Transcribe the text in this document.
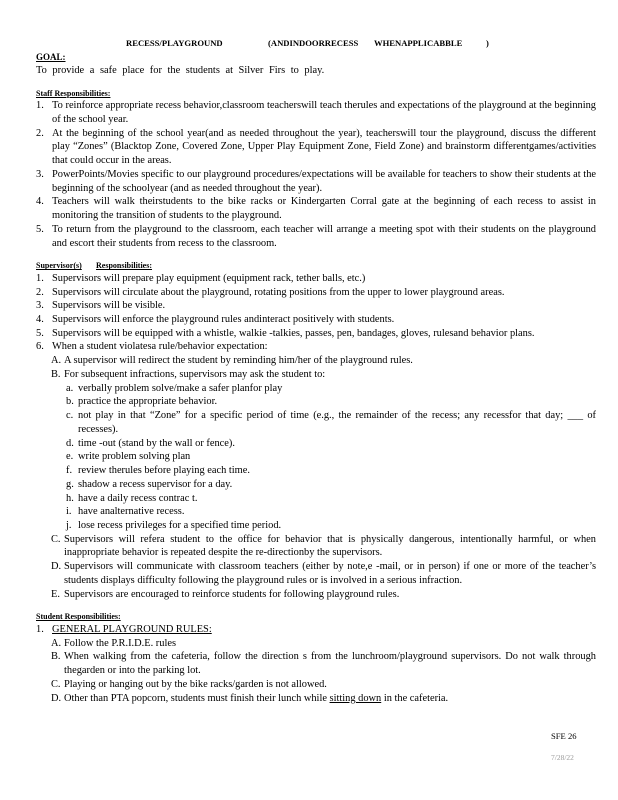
RECESS/PLAYGROUND	(ANDINDOORRECESS WHENAPPLICABBLE	)
GOAL:
To provide a safe place for the students at Silver Firs to play.
Staff Responsibilities:
1. To reinforce appropriate recess behavior,classroom teacherswill teach therules and expectations of the playground at the beginning of the school year.
2. At the beginning of the school year(and as needed throughout the year), teacherswill tour the playground, discuss the different play “Zones” (Blacktop Zone, Covered Zone, Upper Play Equipment Zone, Field Zone) and brainstorm differentgames/activities that could occur in the areas.
3. PowerPoints/Movies specific to our playground procedures/expectations will be available for teachers to show their students at the beginning of the schoolyear (and as needed throughout the year).
4. Teachers will walk theirstudents to the bike racks or Kindergarten Corral gate at the beginning of each recess to assist in monitoring the transition of students to the playground.
5. To return from the playground to the classroom, each teacher will arrange a meeting spot with their students on the playground and escort their students from recess to the classroom.
Supervisor(s) Responsibilities:
1. Supervisors will prepare play equipment (equipment rack, tether balls, etc.)
2. Supervisors will circulate about the playground, rotating positions from the upper to lower playground areas.
3. Supervisors will be visible.
4. Supervisors will enforce the playground rules andinteract positively with students.
5. Supervisors will be equipped with a whistle, walkie -talkies, passes, pen, bandages, gloves, rulesand behavior plans.
6. When a student violatesa rule/behavior expectation:
A. A supervisor will redirect the student by reminding him/her of the playground rules.
B. For subsequent infractions, supervisors may ask the student to:
a. verbally problem solve/make a safer planfor play
b. practice the appropriate behavior.
c. not play in that “Zone” for a specific period of time (e.g., the remainder of the recess; any recessfor that day; ___ of recesses).
d. time -out (stand by the wall or fence).
e. write problem solving plan
f. review therules before playing each time.
g. shadow a recess supervisor for a day.
h. have a daily recess contrac t.
i. have analternative recess.
j. lose recess privileges for a specified time period.
C. Supervisors will refera student to the office for behavior that is physically dangerous, intentionally harmful, or when inappropriate behavior is repeated despite the re-directionby the supervisors.
D. Supervisors will communicate with classroom teachers (either by note,e -mail, or in person) if one or more of the teacher’s students displays difficulty following the playground rules or is involved in a serious infraction.
E. Supervisors are encouraged to reinforce students for following playground rules.
Student Responsibilities:
1. GENERAL PLAYGROUND RULES:
A. Follow the P.R.I.D.E. rules
B. When walking from the cafeteria, follow the direction s from the lunchroom/playground supervisors. Do not walk through thegarden or into the parking lot.
C. Playing or hanging out by the bike racks/garden is not allowed.
D. Other than PTA popcorn, students must finish their lunch while sitting down in the cafeteria.
SFE 26
7/28/22
